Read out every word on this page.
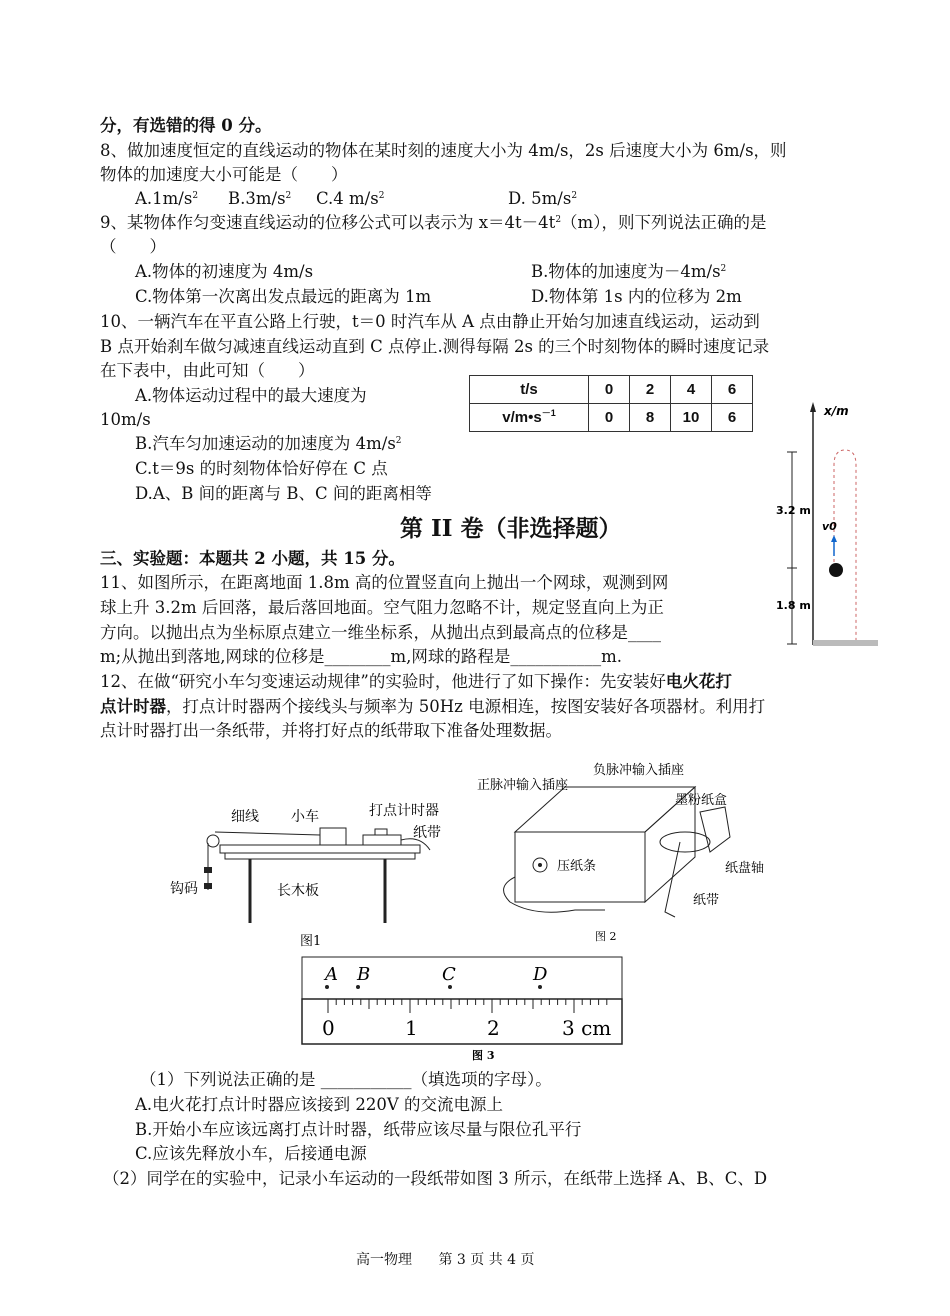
分，有选错的得 0 分。
8、做加速度恒定的直线运动的物体在某时刻的速度大小为 4m/s，2s 后速度大小为 6m/s，则
物体的加速度大小可能是（　　）
$A.1m/s^2$ $B.3m/s^2$ C.4 $m/s^2$	D. $5m/s^2$
9、某物体作匀变速直线运动的位移公式可以表示为 $x=4t-4t^2(m)$，则下列说法正确的是
（　　）
A.物体的初速度为 4m/s	B.物体的加速度为$-4m/s^2$
C.物体第一次离出发点最远的距离为 1m	D.物体第 1s 内的位移为 2m
10、一辆汽车在平直公路上行驶，t＝0 时汽车从 A 点由静止开始匀加速直线运动，运动到
B 点开始刹车做匀减速直线运动直到 C 点停止.测得每隔 2s 的三个时刻物体的瞬时速度记录
在下表中，由此可知（　　）
A.物体运动过程中的最大速度为
10m/s
B.汽车匀加速运动的加速度为 $4m/s^2$
C.t＝9s 的时刻物体恰好停在 C 点
D.A、B 间的距离与 B、C 间的距离相等
t/s	0	2	4	6
$v/m•s^{-1}$	0	8	10	6	x/m
3.2 m
1.8 m
v0
第 II 卷（非选择题）
三、实验题：本题共 2 小题，共 15 分。
11、如图所示，在距离地面 1.8m 高的位置竖直向上抛出一个网球，观测到网
球上升 3.2m 后回落，最后落回地面。空气阻力忽略不计，规定竖直向上为正
方向。以抛出点为坐标原点建立一维坐标系，从抛出点到最高点的位移是____
m;从抛出到落地,网球的位移是________m,网球的路程是___________m.
12、在做“研究小车匀变速运动规律”的实验时，他进行了如下操作：先安装好电火花打
点计时器，打点计时器两个接线头与频率为 50Hz 电源相连，按图安装好各项器材。利用打
点计时器打出一条纸带，并将打好点的纸带取下准备处理数据。
细线 小车	打点计时器
纸带
钩码	长木板
图1
负脉冲输入插座
正脉冲输入插座
墨粉纸盒
压纸条	纸盘轴
纸带
图 2
A B	C	D
0	1	2	3 cm
图 3
（1）下列说法正确的是 ___________（填选项的字母）。
A.电火花打点计时器应该接到 220V 的交流电源上
B.开始小车应该远离打点计时器，纸带应该尽量与限位孔平行
C.应该先释放小车，后接通电源
（2）同学在的实验中，记录小车运动的一段纸带如图 3 所示，在纸带上选择 A、B、C、D
高一物理 第 3 页 共 4 页
